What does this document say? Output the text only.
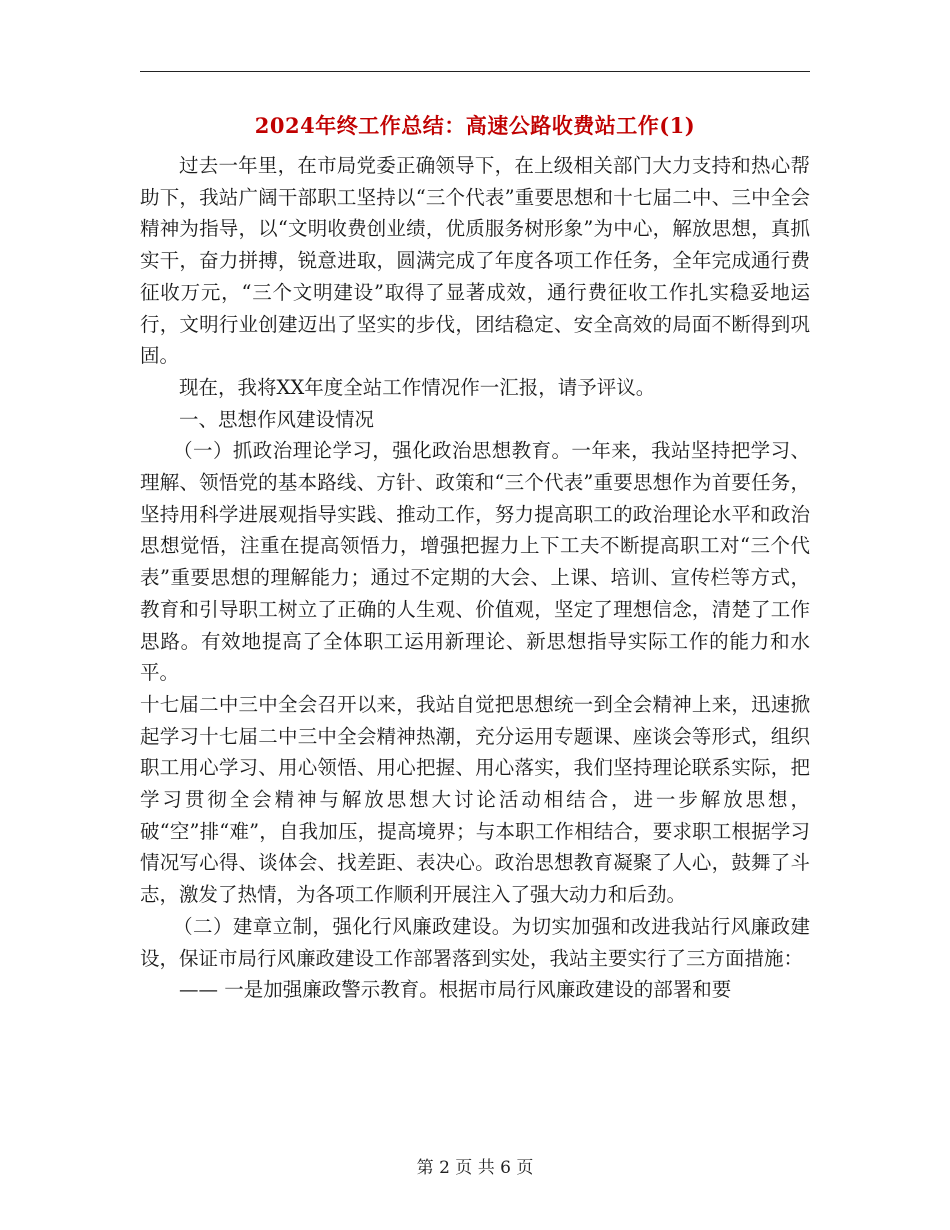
2024年终工作总结：高速公路收费站工作(1)

过去一年里，在市局党委正确领导下，在上级相关部门大力支持和热心帮助下，我站广阔干部职工坚持以“三个代表”重要思想和十七届二中、三中全会精神为指导，以“文明收费创业绩，优质服务树形象”为中心，解放思想，真抓实干，奋力拼搏，锐意进取，圆满完成了年度各项工作任务，全年完成通行费征收万元，“三个文明建设”取得了显著成效，通行费征收工作扎实稳妥地运行，文明行业创建迈出了坚实的步伐，团结稳定、安全高效的局面不断得到巩固。

现在，我将XX年度全站工作情况作一汇报，请予评议。

一、思想作风建设情况

（一）抓政治理论学习，强化政治思想教育。一年来，我站坚持把学习、理解、领悟党的基本路线、方针、政策和“三个代表”重要思想作为首要任务，坚持用科学进展观指导实践、推动工作，努力提高职工的政治理论水平和政治思想觉悟，注重在提高领悟力，增强把握力上下工夫不断提高职工对“三个代表”重要思想的理解能力；通过不定期的大会、上课、培训、宣传栏等方式，教育和引导职工树立了正确的人生观、价值观，坚定了理想信念，清楚了工作思路。有效地提高了全体职工运用新理论、新思想指导实际工作的能力和水平。

十七届二中三中全会召开以来，我站自觉把思想统一到全会精神上来，迅速掀起学习十七届二中三中全会精神热潮，充分运用专题课、座谈会等形式，组织职工用心学习、用心领悟、用心把握、用心落实，我们坚持理论联系实际，把学习贯彻全会精神与解放思想大讨论活动相结合，进一步解放思想，破“空”排“难”，自我加压，提高境界；与本职工作相结合，要求职工根据学习情况写心得、谈体会、找差距、表决心。政治思想教育凝聚了人心，鼓舞了斗志，激发了热情，为各项工作顺利开展注入了强大动力和后劲。

（二）建章立制，强化行风廉政建设。为切实加强和改进我站行风廉政建设，保证市局行风廉政建设工作部署落到实处，我站主要实行了三方面措施：

—— 一是加强廉政警示教育。根据市局行风廉政建设的部署和要

第 2 页 共 6 页
